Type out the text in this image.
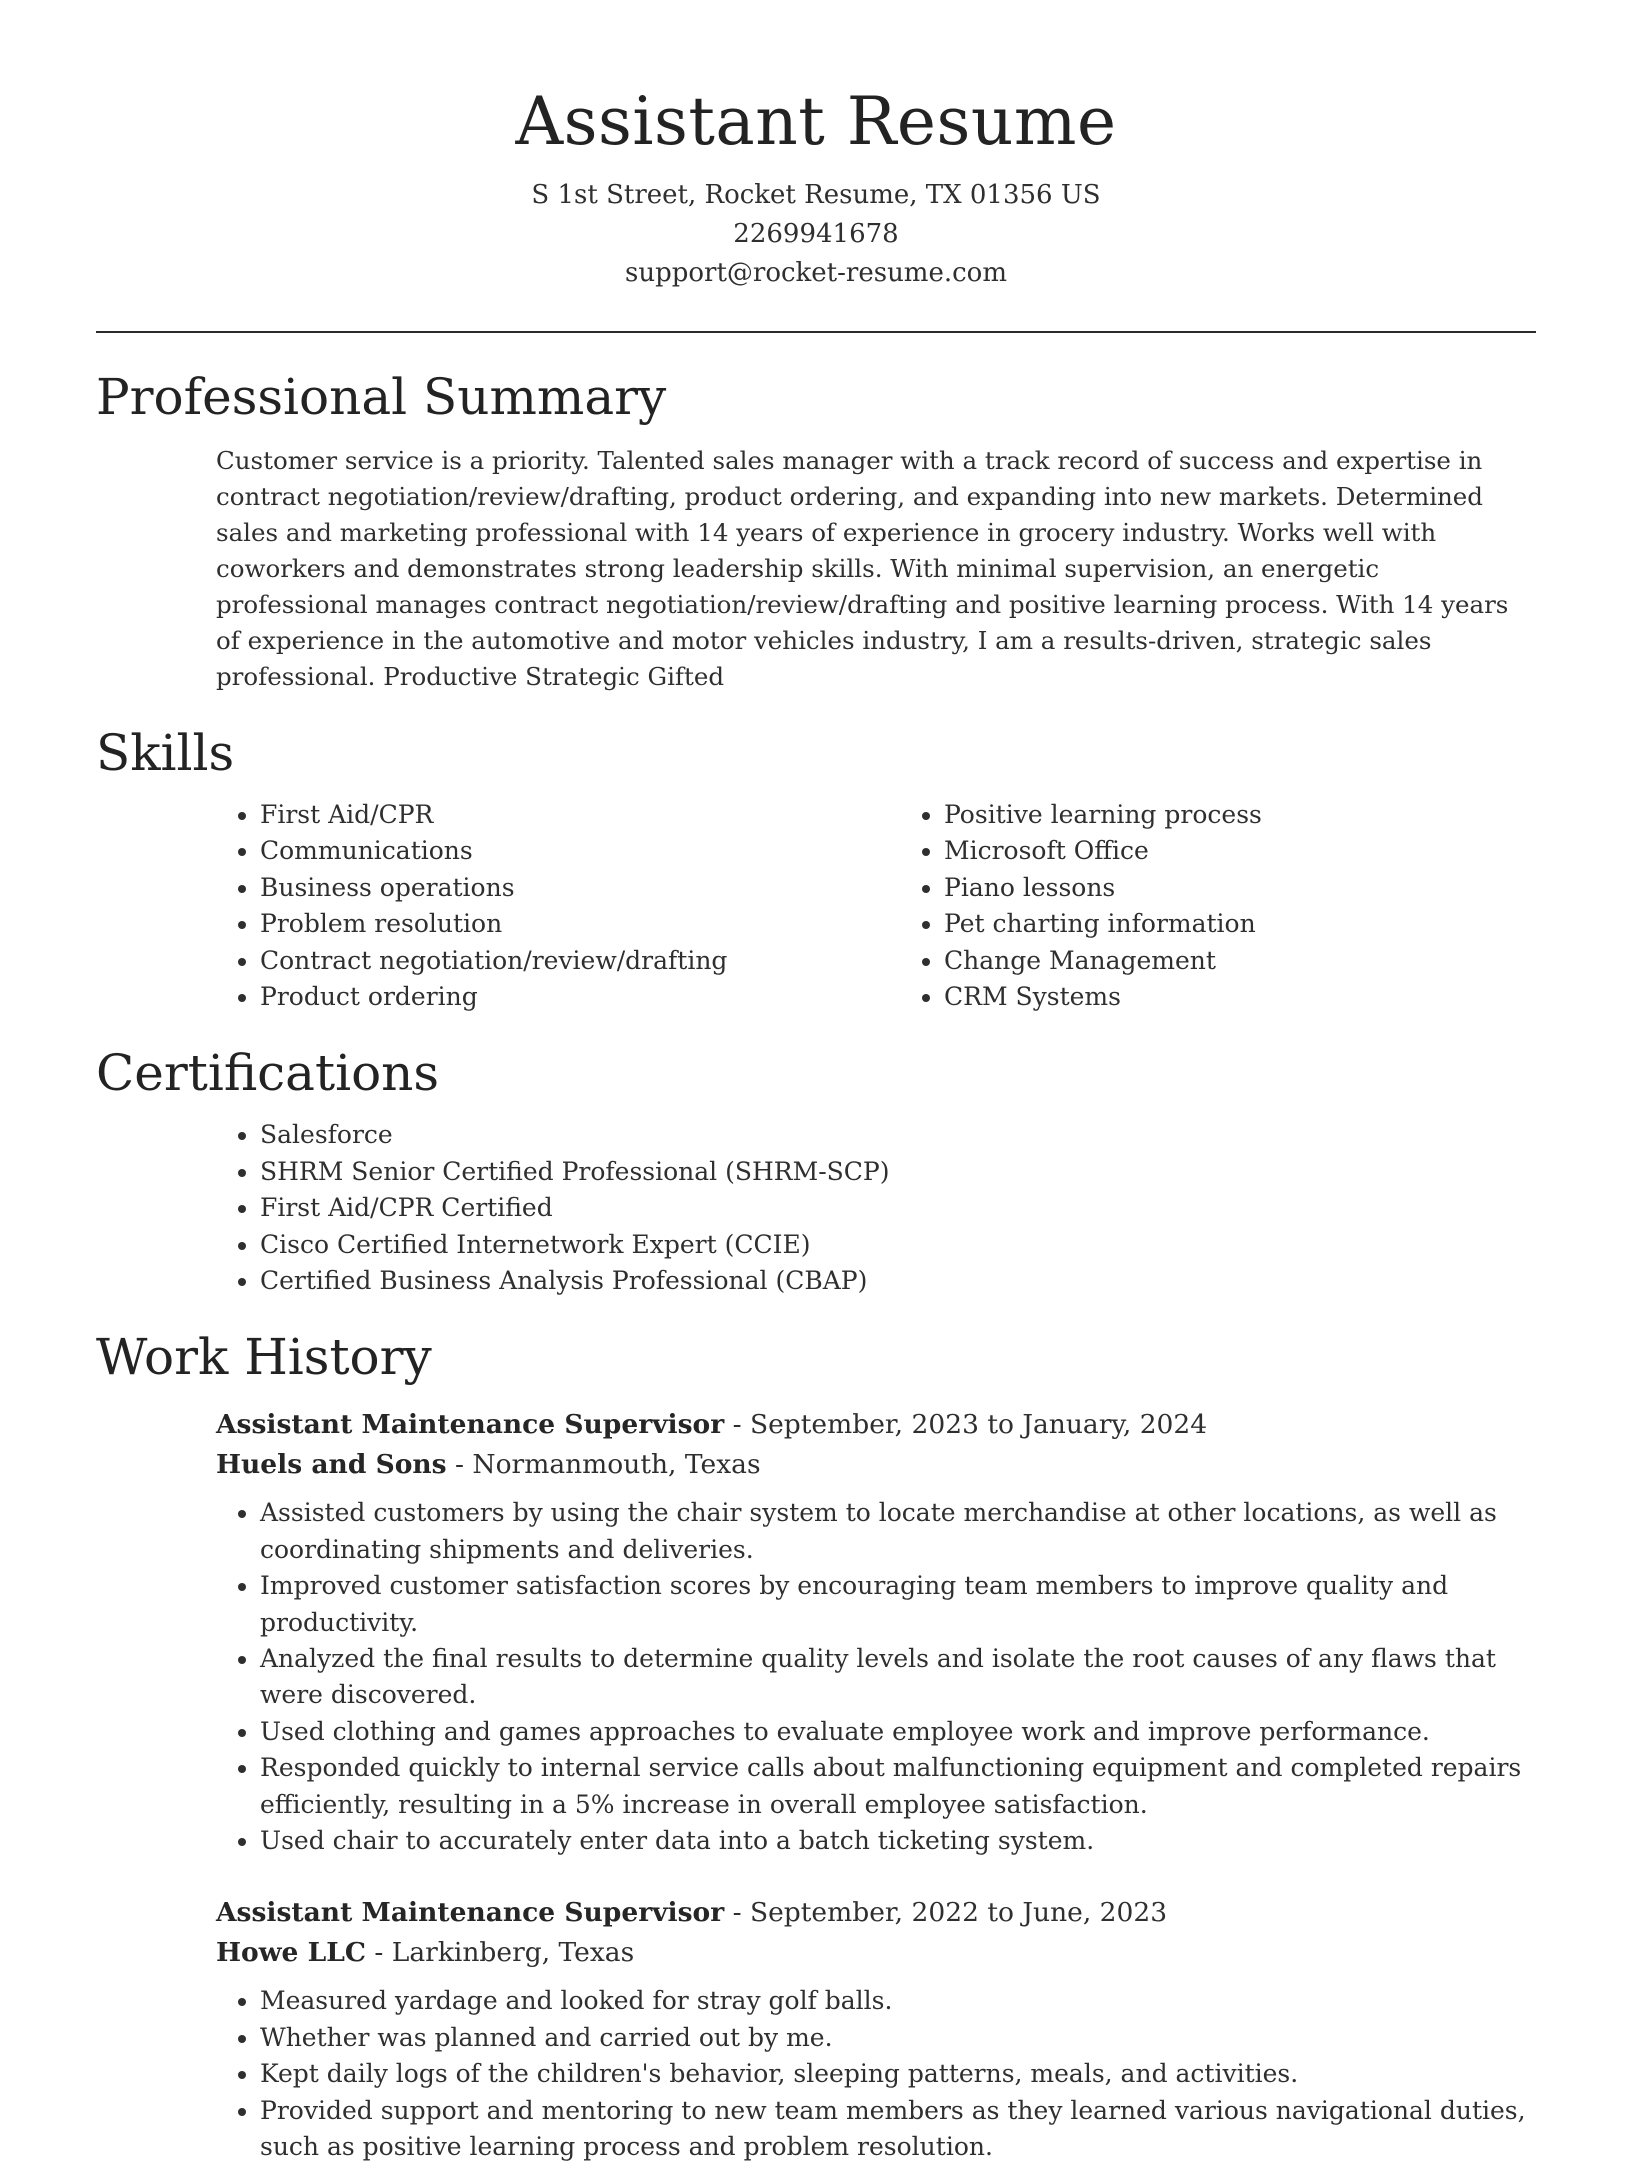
Assistant Resume
S 1st Street, Rocket Resume, TX 01356 US
2269941678
support@rocket-resume.com
Professional Summary

Customer service is a priority. Talented sales manager with a track record of success and expertise in contract negotiation/review/drafting, product ordering, and expanding into new markets. Determined sales and marketing professional with 14 years of experience in grocery industry. Works well with coworkers and demonstrates strong leadership skills. With minimal supervision, an energetic professional manages contract negotiation/review/drafting and positive learning process. With 14 years of experience in the automotive and motor vehicles industry, I am a results-driven, strategic sales professional. Productive Strategic Gifted

Skills
• First Aid/CPR
• Communications
• Business operations
• Problem resolution
• Contract negotiation/review/drafting
• Product ordering
• Positive learning process
• Microsoft Office
• Piano lessons
• Pet charting information
• Change Management
• CRM Systems
Certifications
• Salesforce
• SHRM Senior Certified Professional (SHRM-SCP)
• First Aid/CPR Certified
• Cisco Certified Internetwork Expert (CCIE)
• Certified Business Analysis Professional (CBAP)
Work History
Assistant Maintenance Supervisor - September, 2023 to January, 2024
Huels and Sons - Normanmouth, Texas
• Assisted customers by using the chair system to locate merchandise at other locations, as well as coordinating shipments and deliveries.
• Improved customer satisfaction scores by encouraging team members to improve quality and productivity.
• Analyzed the final results to determine quality levels and isolate the root causes of any flaws that were discovered.
• Used clothing and games approaches to evaluate employee work and improve performance.
• Responded quickly to internal service calls about malfunctioning equipment and completed repairs efficiently, resulting in a 5% increase in overall employee satisfaction.
• Used chair to accurately enter data into a batch ticketing system.
Assistant Maintenance Supervisor - September, 2022 to June, 2023
Howe LLC - Larkinberg, Texas
• Measured yardage and looked for stray golf balls.
• Whether was planned and carried out by me.
• Kept daily logs of the children's behavior, sleeping patterns, meals, and activities.
• Provided support and mentoring to new team members as they learned various navigational duties, such as positive learning process and problem resolution.
